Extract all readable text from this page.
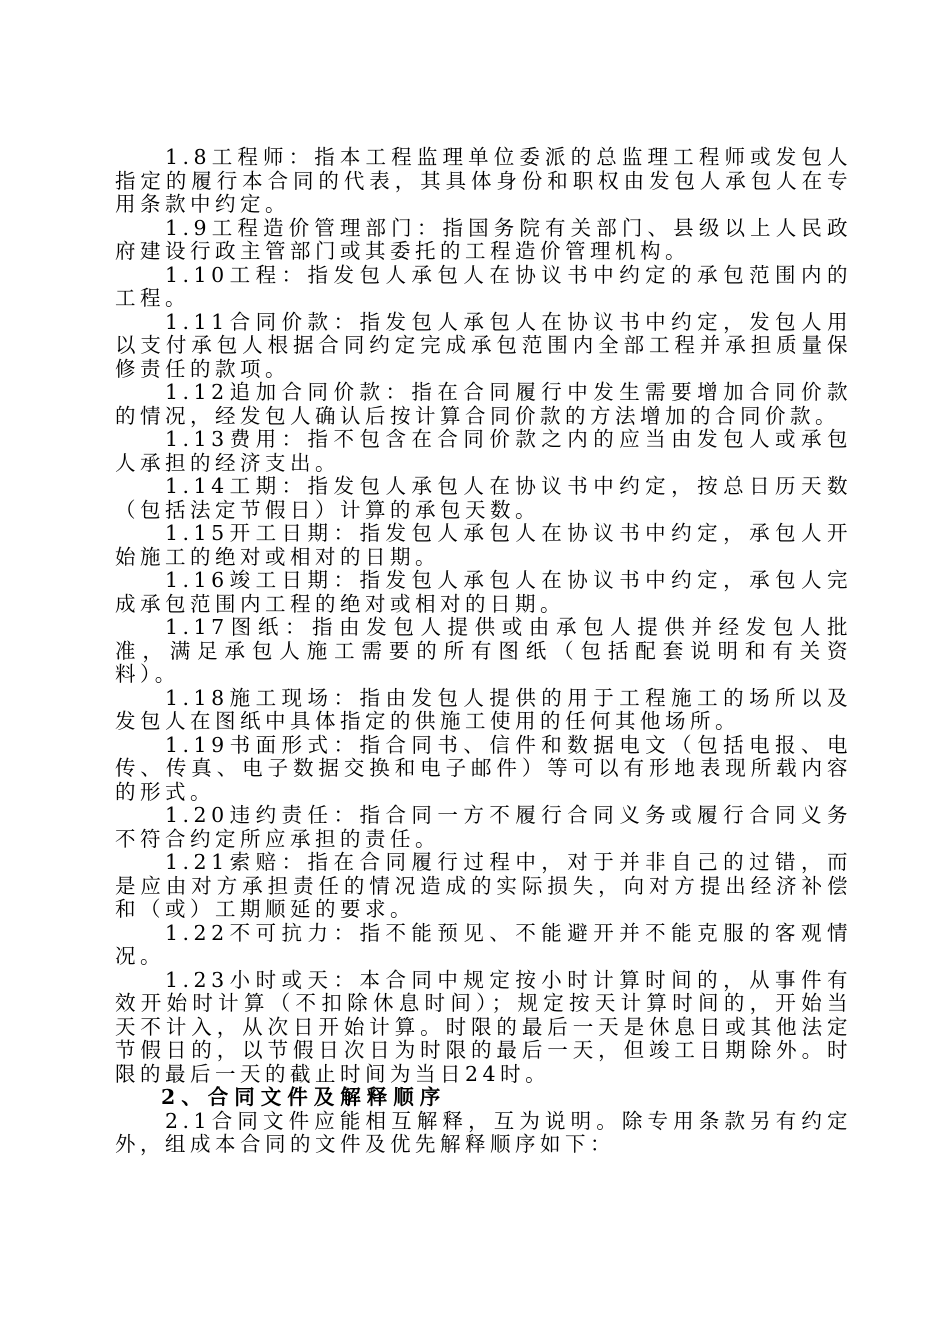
1.8工程师：指本工程监理单位委派的总监理工程师或发包人指定的履行本合同的代表，其具体身份和职权由发包人承包人在专用条款中约定。

1.9工程造价管理部门：指国务院有关部门、县级以上人民政府建设行政主管部门或其委托的工程造价管理机构。

1.10工程：指发包人承包人在协议书中约定的承包范围内的工程。

1.11合同价款：指发包人承包人在协议书中约定，发包人用以支付承包人根据合同约定完成承包范围内全部工程并承担质量保修责任的款项。

1.12追加合同价款：指在合同履行中发生需要增加合同价款的情况，经发包人确认后按计算合同价款的方法增加的合同价款。

1.13费用：指不包含在合同价款之内的应当由发包人或承包人承担的经济支出。

1.14工期：指发包人承包人在协议书中约定，按总日历天数（包括法定节假日）计算的承包天数。

1.15开工日期：指发包人承包人在协议书中约定，承包人开始施工的绝对或相对的日期。

1.16竣工日期：指发包人承包人在协议书中约定，承包人完成承包范围内工程的绝对或相对的日期。

1.17图纸：指由发包人提供或由承包人提供并经发包人批准，满足承包人施工需要的所有图纸（包括配套说明和有关资料）。

1.18施工现场：指由发包人提供的用于工程施工的场所以及发包人在图纸中具体指定的供施工使用的任何其他场所。

1.19书面形式：指合同书、信件和数据电文（包括电报、电传、传真、电子数据交换和电子邮件）等可以有形地表现所载内容的形式。

1.20违约责任：指合同一方不履行合同义务或履行合同义务不符合约定所应承担的责任。

1.21索赔：指在合同履行过程中，对于并非自己的过错，而是应由对方承担责任的情况造成的实际损失，向对方提出经济补偿和（或）工期顺延的要求。

1.22不可抗力：指不能预见、不能避开并不能克服的客观情况。

1.23小时或天：本合同中规定按小时计算时间的，从事件有效开始时计算（不扣除休息时间）；规定按天计算时间的，开始当天不计入，从次日开始计算。时限的最后一天是休息日或其他法定节假日的，以节假日次日为时限的最后一天，但竣工日期除外。时限的最后一天的截止时间为当日24时。

2、合同文件及解释顺序

2.1合同文件应能相互解释，互为说明。除专用条款另有约定外，组成本合同的文件及优先解释顺序如下：
